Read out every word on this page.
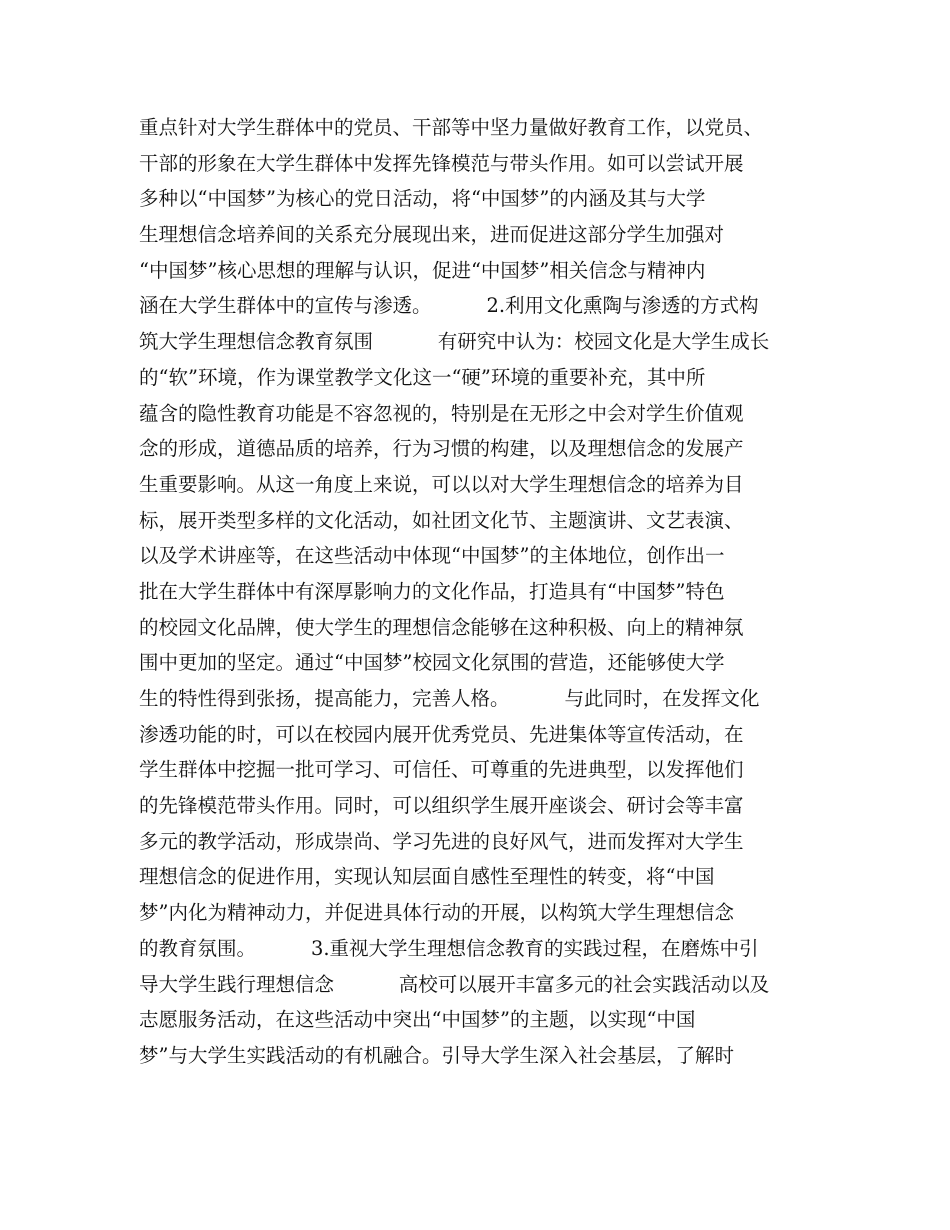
重点针对大学生群体中的党员、干部等中坚力量做好教育工作，以党员、
干部的形象在大学生群体中发挥先锋模范与带头作用。如可以尝试开展
多种以“中国梦”为核心的党日活动，将“中国梦”的内涵及其与大学
生理想信念培养间的关系充分展现出来，进而促进这部分学生加强对
“中国梦”核心思想的理解与认识，促进“中国梦”相关信念与精神内
涵在大学生群体中的宣传与渗透。　　　 2.利用文化熏陶与渗透的方式构
筑大学生理想信念教育氛围　　　 有研究中认为：校园文化是大学生成长
的“软”环境，作为课堂教学文化这一“硬”环境的重要补充，其中所
蕴含的隐性教育功能是不容忽视的，特别是在无形之中会对学生价值观
念的形成，道德品质的培养，行为习惯的构建，以及理想信念的发展产
生重要影响。从这一角度上来说，可以以对大学生理想信念的培养为目
标，展开类型多样的文化活动，如社团文化节、主题演讲、文艺表演、
以及学术讲座等，在这些活动中体现“中国梦”的主体地位，创作出一
批在大学生群体中有深厚影响力的文化作品，打造具有“中国梦”特色
的校园文化品牌，使大学生的理想信念能够在这种积极、向上的精神氛
围中更加的坚定。通过“中国梦”校园文化氛围的营造，还能够使大学
生的特性得到张扬，提高能力，完善人格。　　　 与此同时，在发挥文化
渗透功能的时，可以在校园内展开优秀党员、先进集体等宣传活动，在
学生群体中挖掘一批可学习、可信任、可尊重的先进典型，以发挥他们
的先锋模范带头作用。同时，可以组织学生展开座谈会、研讨会等丰富
多元的教学活动，形成崇尚、学习先进的良好风气，进而发挥对大学生
理想信念的促进作用，实现认知层面自感性至理性的转变，将“中国
梦”内化为精神动力，并促进具体行动的开展，以构筑大学生理想信念
的教育氛围。　　　 3.重视大学生理想信念教育的实践过程，在磨炼中引
导大学生践行理想信念　　　 高校可以展开丰富多元的社会实践活动以及
志愿服务活动，在这些活动中突出“中国梦”的主题，以实现“中国
梦”与大学生实践活动的有机融合。引导大学生深入社会基层，了解时
